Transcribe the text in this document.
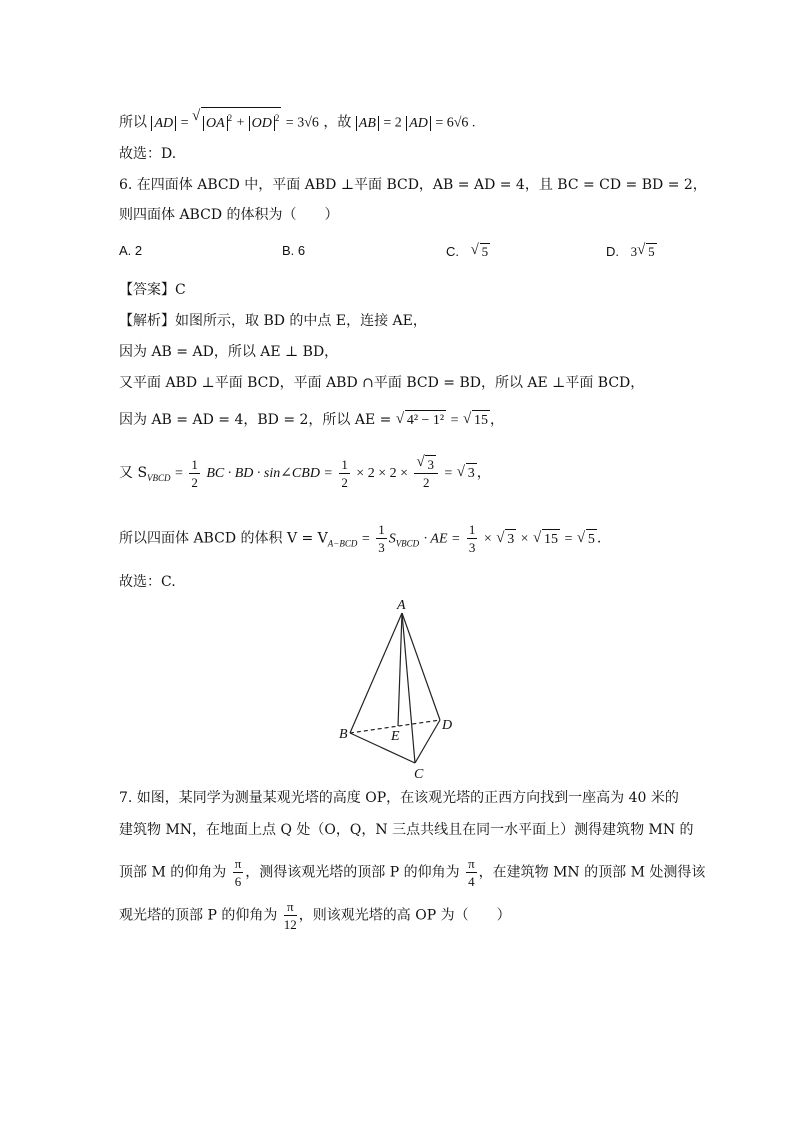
所以 AD = √ OA $^2$ + OD $^2$ = 3√6 ，故 AB = 2 AD = 6√6 .
故选：D.
6. 在四面体 ABCD 中，平面 ABD ⊥平面 BCD，AB = AD = 4，且 BC = CD = BD = 2，
则四面体 ABCD 的体积为（　　）
A. 2	B. 6	C. √ 5	D. 3 √ 5
【答案】C
【解析】如图所示，取 BD 的中点 E，连接 AE，
因为 AB = AD，所以 AE ⊥ BD，
又平面 ABD ⊥平面 BCD，平面 ABD ∩平面 BCD = BD，所以 AE ⊥平面 BCD，
因为 AB = AD = 4，BD = 2，所以 AE = √ 4² − 1² = √ 15 ，
又 $S_{VBCD} = \frac{1}{2}$ BC · BD · sin∠CBD = $\frac{1}{2} \times 2 \times 2$ × √ $\frac{3}{2}$ = √ 3 ，
所以四面体 ABCD 的体积 $V = V_{A-BCD} = \frac{1}{3} S_{VBCD}$ · AE = $\frac{1}{3}$ × √ 3 × √ 15 = √ 5 .
故选：C.
A
B
C
D
E
7. 如图，某同学为测量某观光塔的高度 OP，在该观光塔的正西方向找到一座高为 40 米的
建筑物 MN，在地面上点 Q 处（O，Q，N 三点共线且在同一水平面上）测得建筑物 MN 的
顶部 M 的仰角为 $\frac{\pi}{6}$ ，测得该观光塔的顶部 P 的仰角为 $\frac{\pi}{4}$ ，在建筑物 MN 的顶部 M 处测得该
观光塔的顶部 P 的仰角为 $\frac{\pi}{12}$ ，则该观光塔的高 OP 为（　　）
